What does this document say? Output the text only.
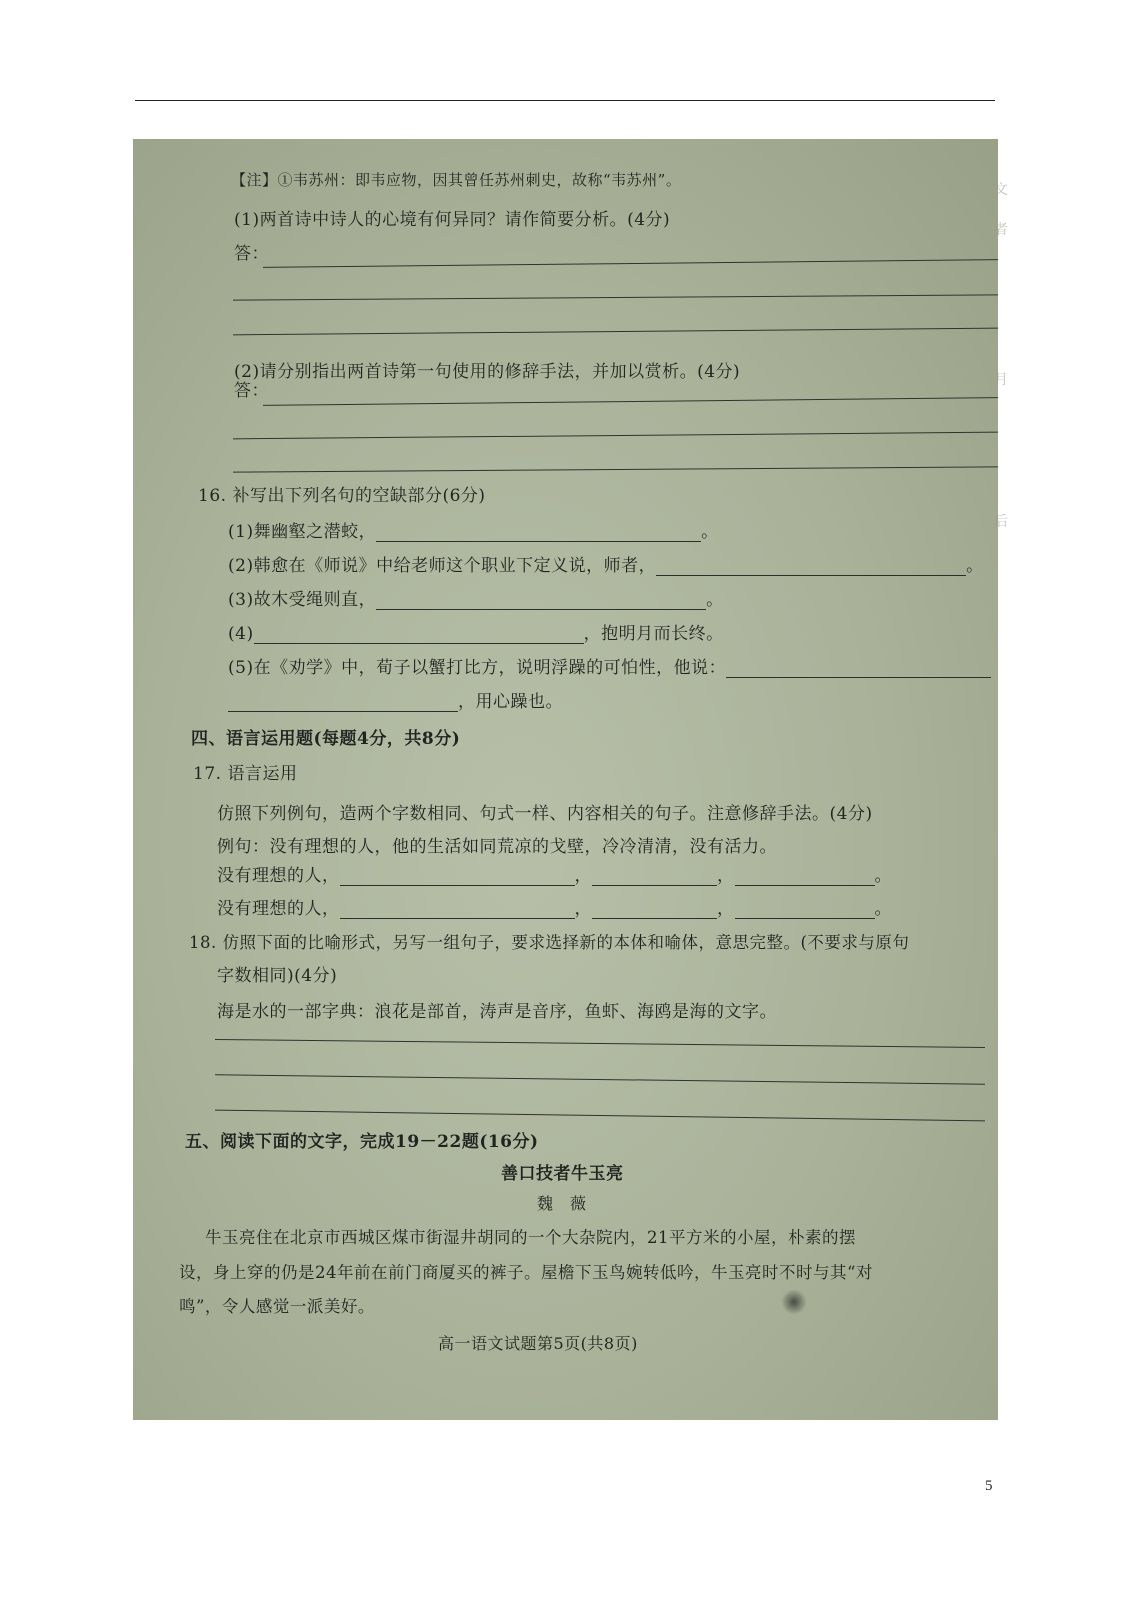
文
者
月
后
【注】①韦苏州：即韦应物，因其曾任苏州刺史，故称“韦苏州”。
(1)两首诗中诗人的心境有何异同？请作简要分析。(4分)
答：
(2)请分别指出两首诗第一句使用的修辞手法，并加以赏析。(4分)
答：
16. 补写出下列名句的空缺部分(6分)
(1)舞幽壑之潜蛟，	。
(2)韩愈在《师说》中给老师这个职业下定义说，师者，	。
(3)故木受绳则直，	。
(4)	，抱明月而长终。
(5)在《劝学》中，荀子以蟹打比方，说明浮躁的可怕性，他说：
，用心躁也。
四、语言运用题(每题4分，共8分)
17. 语言运用
仿照下列例句，造两个字数相同、句式一样、内容相关的句子。注意修辞手法。(4分)
例句：没有理想的人，他的生活如同荒凉的戈壁，冷冷清清，没有活力。
没有理想的人，	，	，	。
没有理想的人，	，	，	。
18. 仿照下面的比喻形式，另写一组句子，要求选择新的本体和喻体，意思完整。(不要求与原句
字数相同)(4分)
海是水的一部字典：浪花是部首，涛声是音序，鱼虾、海鸥是海的文字。
五、阅读下面的文字，完成19－22题(16分)
善口技者牛玉亮
魏　薇
牛玉亮住在北京市西城区煤市街湿井胡同的一个大杂院内，21平方米的小屋，朴素的摆
设，身上穿的仍是24年前在前门商厦买的裤子。屋檐下玉鸟婉转低吟，牛玉亮时不时与其“对
鸣”，令人感觉一派美好。
高一语文试题第5页(共8页)
5
